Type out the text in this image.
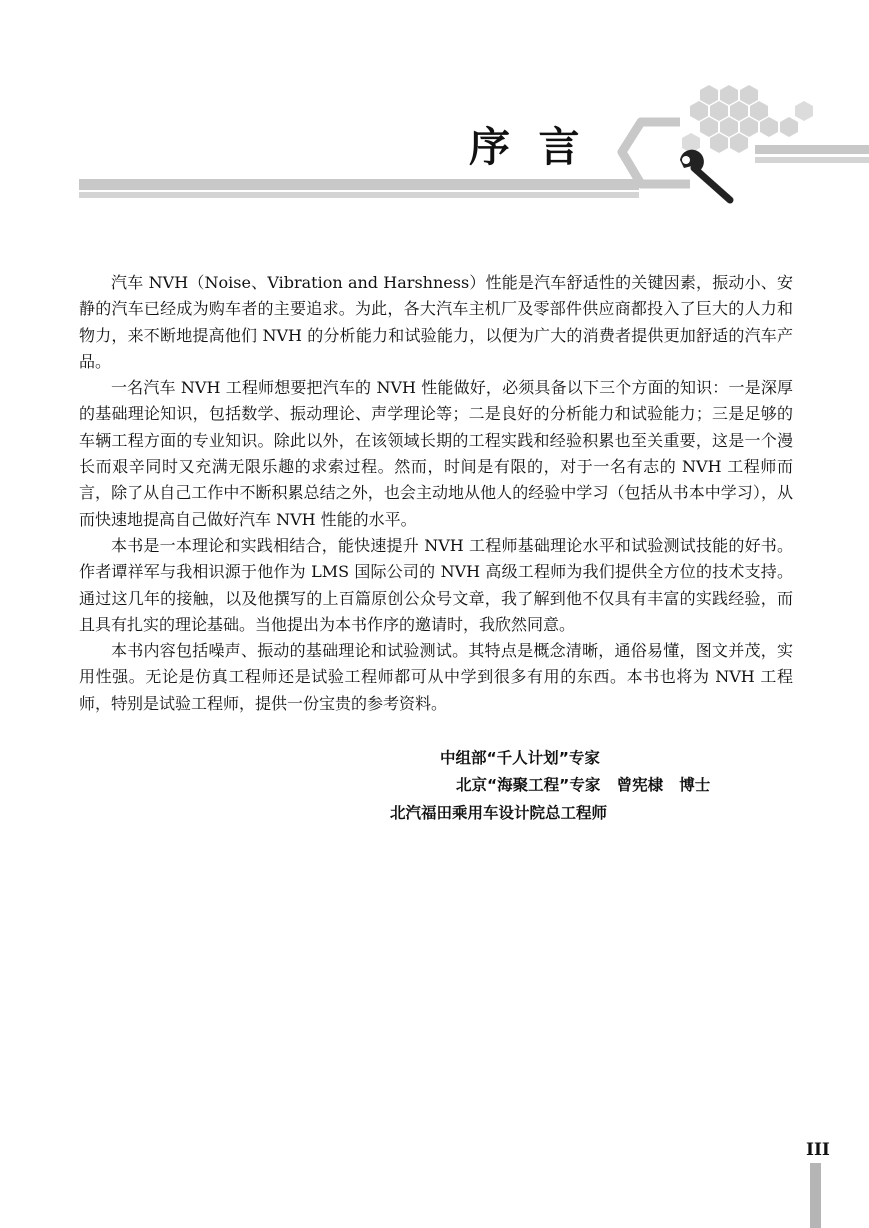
序  言

汽车 NVH（Noise、Vibration and Harshness）性能是汽车舒适性的关键因素，振动小、安静的汽车已经成为购车者的主要追求。为此，各大汽车主机厂及零部件供应商都投入了巨大的人力和物力，来不断地提高他们 NVH 的分析能力和试验能力，以便为广大的消费者提供更加舒适的汽车产品。

一名汽车 NVH 工程师想要把汽车的 NVH 性能做好，必须具备以下三个方面的知识：一是深厚的基础理论知识，包括数学、振动理论、声学理论等；二是良好的分析能力和试验能力；三是足够的车辆工程方面的专业知识。除此以外，在该领域长期的工程实践和经验积累也至关重要，这是一个漫长而艰辛同时又充满无限乐趣的求索过程。然而，时间是有限的，对于一名有志的 NVH 工程师而言，除了从自己工作中不断积累总结之外，也会主动地从他人的经验中学习（包括从书本中学习），从而快速地提高自己做好汽车 NVH 性能的水平。

本书是一本理论和实践相结合，能快速提升 NVH 工程师基础理论水平和试验测试技能的好书。作者谭祥军与我相识源于他作为 LMS 国际公司的 NVH 高级工程师为我们提供全方位的技术支持。通过这几年的接触，以及他撰写的上百篇原创公众号文章，我了解到他不仅具有丰富的实践经验，而且具有扎实的理论基础。当他提出为本书作序的邀请时，我欣然同意。

本书内容包括噪声、振动的基础理论和试验测试。其特点是概念清晰，通俗易懂，图文并茂，实用性强。无论是仿真工程师还是试验工程师都可从中学到很多有用的东西。本书也将为 NVH 工程师，特别是试验工程师，提供一份宝贵的参考资料。

中组部“千人计划”专家
北京“海聚工程”专家   曾宪棣   博士
北汽福田乘用车设计院总工程师
III
